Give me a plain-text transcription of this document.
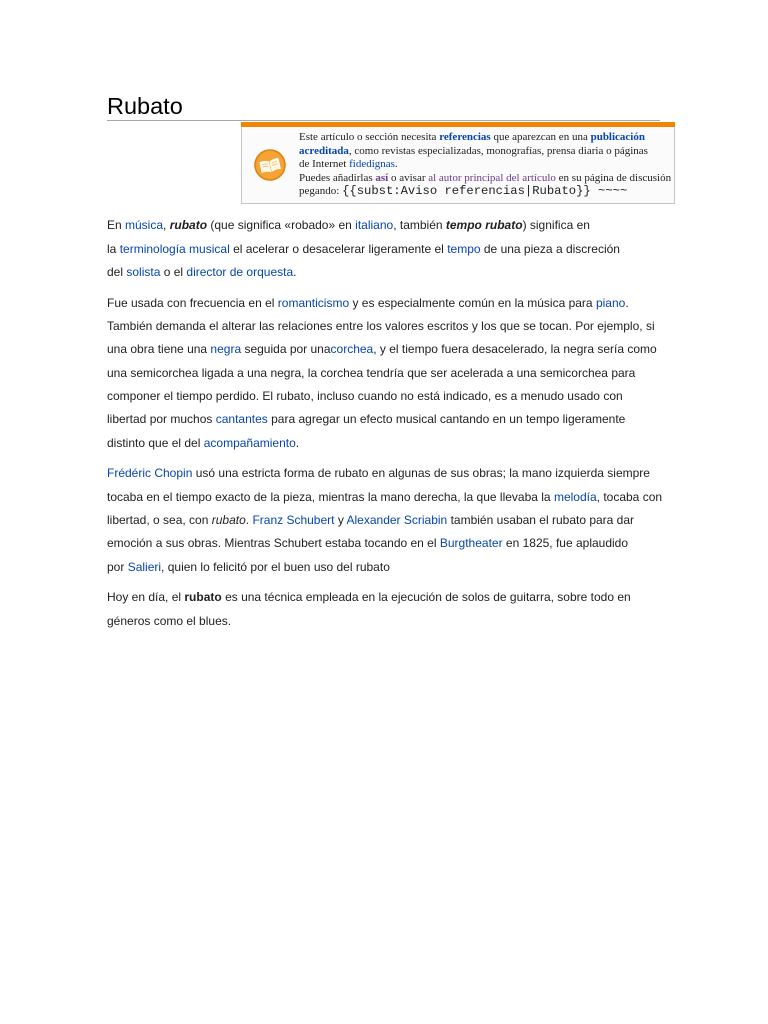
Rubato
Este artículo o sección necesita referencias que aparezcan en una publicación
acreditada, como revistas especializadas, monografías, prensa diaria o páginas
de Internet fidedignas.
Puedes añadirlas así o avisar al autor principal del artículo en su página de discusión
pegando: {{subst:Aviso referencias|Rubato}} ~~~~
En música, rubato (que significa «robado» en italiano, también tempo rubato) significa en
la terminología musical el acelerar o desacelerar ligeramente el tempo de una pieza a discreción
del solista o el director de orquesta.
Fue usada con frecuencia en el romanticismo y es especialmente común en la música para piano.
También demanda el alterar las relaciones entre los valores escritos y los que se tocan. Por ejemplo, si
una obra tiene una negra seguida por unacorchea, y el tiempo fuera desacelerado, la negra sería como
una semicorchea ligada a una negra, la corchea tendría que ser acelerada a una semicorchea para
componer el tiempo perdido. El rubato, incluso cuando no está indicado, es a menudo usado con
libertad por muchos cantantes para agregar un efecto musical cantando en un tempo ligeramente
distinto que el del acompañamiento.
Frédéric Chopin usó una estricta forma de rubato en algunas de sus obras; la mano izquierda siempre
tocaba en el tiempo exacto de la pieza, mientras la mano derecha, la que llevaba la melodía, tocaba con
libertad, o sea, con rubato. Franz Schubert y Alexander Scriabin también usaban el rubato para dar
emoción a sus obras. Mientras Schubert estaba tocando en el Burgtheater en 1825, fue aplaudido
por Salieri, quien lo felicitó por el buen uso del rubato
Hoy en día, el rubato es una técnica empleada en la ejecución de solos de guitarra, sobre todo en
géneros como el blues.
